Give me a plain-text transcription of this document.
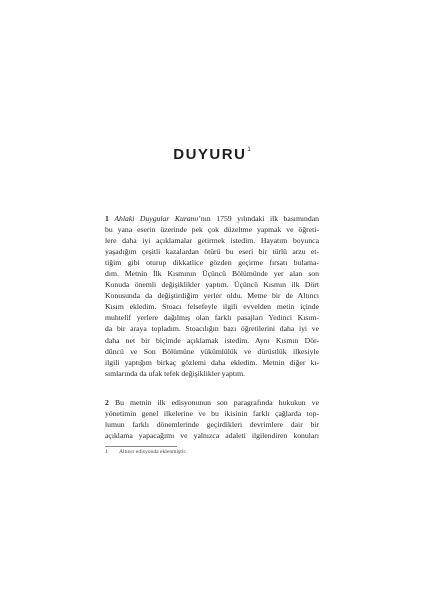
DUYURU$^1$
1 Ahlaki Duygular Kuramı’nın 1759 yılındaki ilk basımından
bu yana eserin üzerinde pek çok düzeltme yapmak ve öğreti-
lere daha iyi açıklamalar getirmek istedim. Hayatım boyunca
yaşadığım çeşitli kazalardan ötürü bu eseri bir türlü arzu et-
tiğim gibi oturup dikkatlice gözden geçirme fırsatı bulama-
dım. Metnin İlk Kısmının Üçüncü Bölümünde yer alan son
Konuda önemli değişiklikler yaptım. Üçüncü Kısmın ilk Dört
Konusunda da değiştirdiğim yerler oldu. Metne bir de Altıncı
Kısım ekledim. Stoacı felsefeyle ilgili evvelden metin içinde
muhtelif yerlere dağılmış olan farklı pasajları Yedinci Kısım-
da bir araya topladım. Stoacılığın bazı öğretilerini daha iyi ve
daha net bir biçimde açıklamak istedim. Aynı Kısmın Dör-
düncü ve Son Bölümüne yükümlülük ve dürüstlük ilkesiyle
ilgili yaptığım birkaç gözlemi daha ekledim. Metnin diğer kı-
sımlarında da ufak tefek değişiklikler yaptım.
2 Bu metnin ilk edisyonunun son paragrafında hukukun ve
yönetimin genel ilkelerine ve bu ikisinin farklı çağlarda top-
lumun farklı dönemlerinde geçirdikleri devrimlere dair bir
açıklama yapacağımı ve yalnızca adaleti ilgilendiren konuları
1 Altıncı edisyonda eklenmiştir.
